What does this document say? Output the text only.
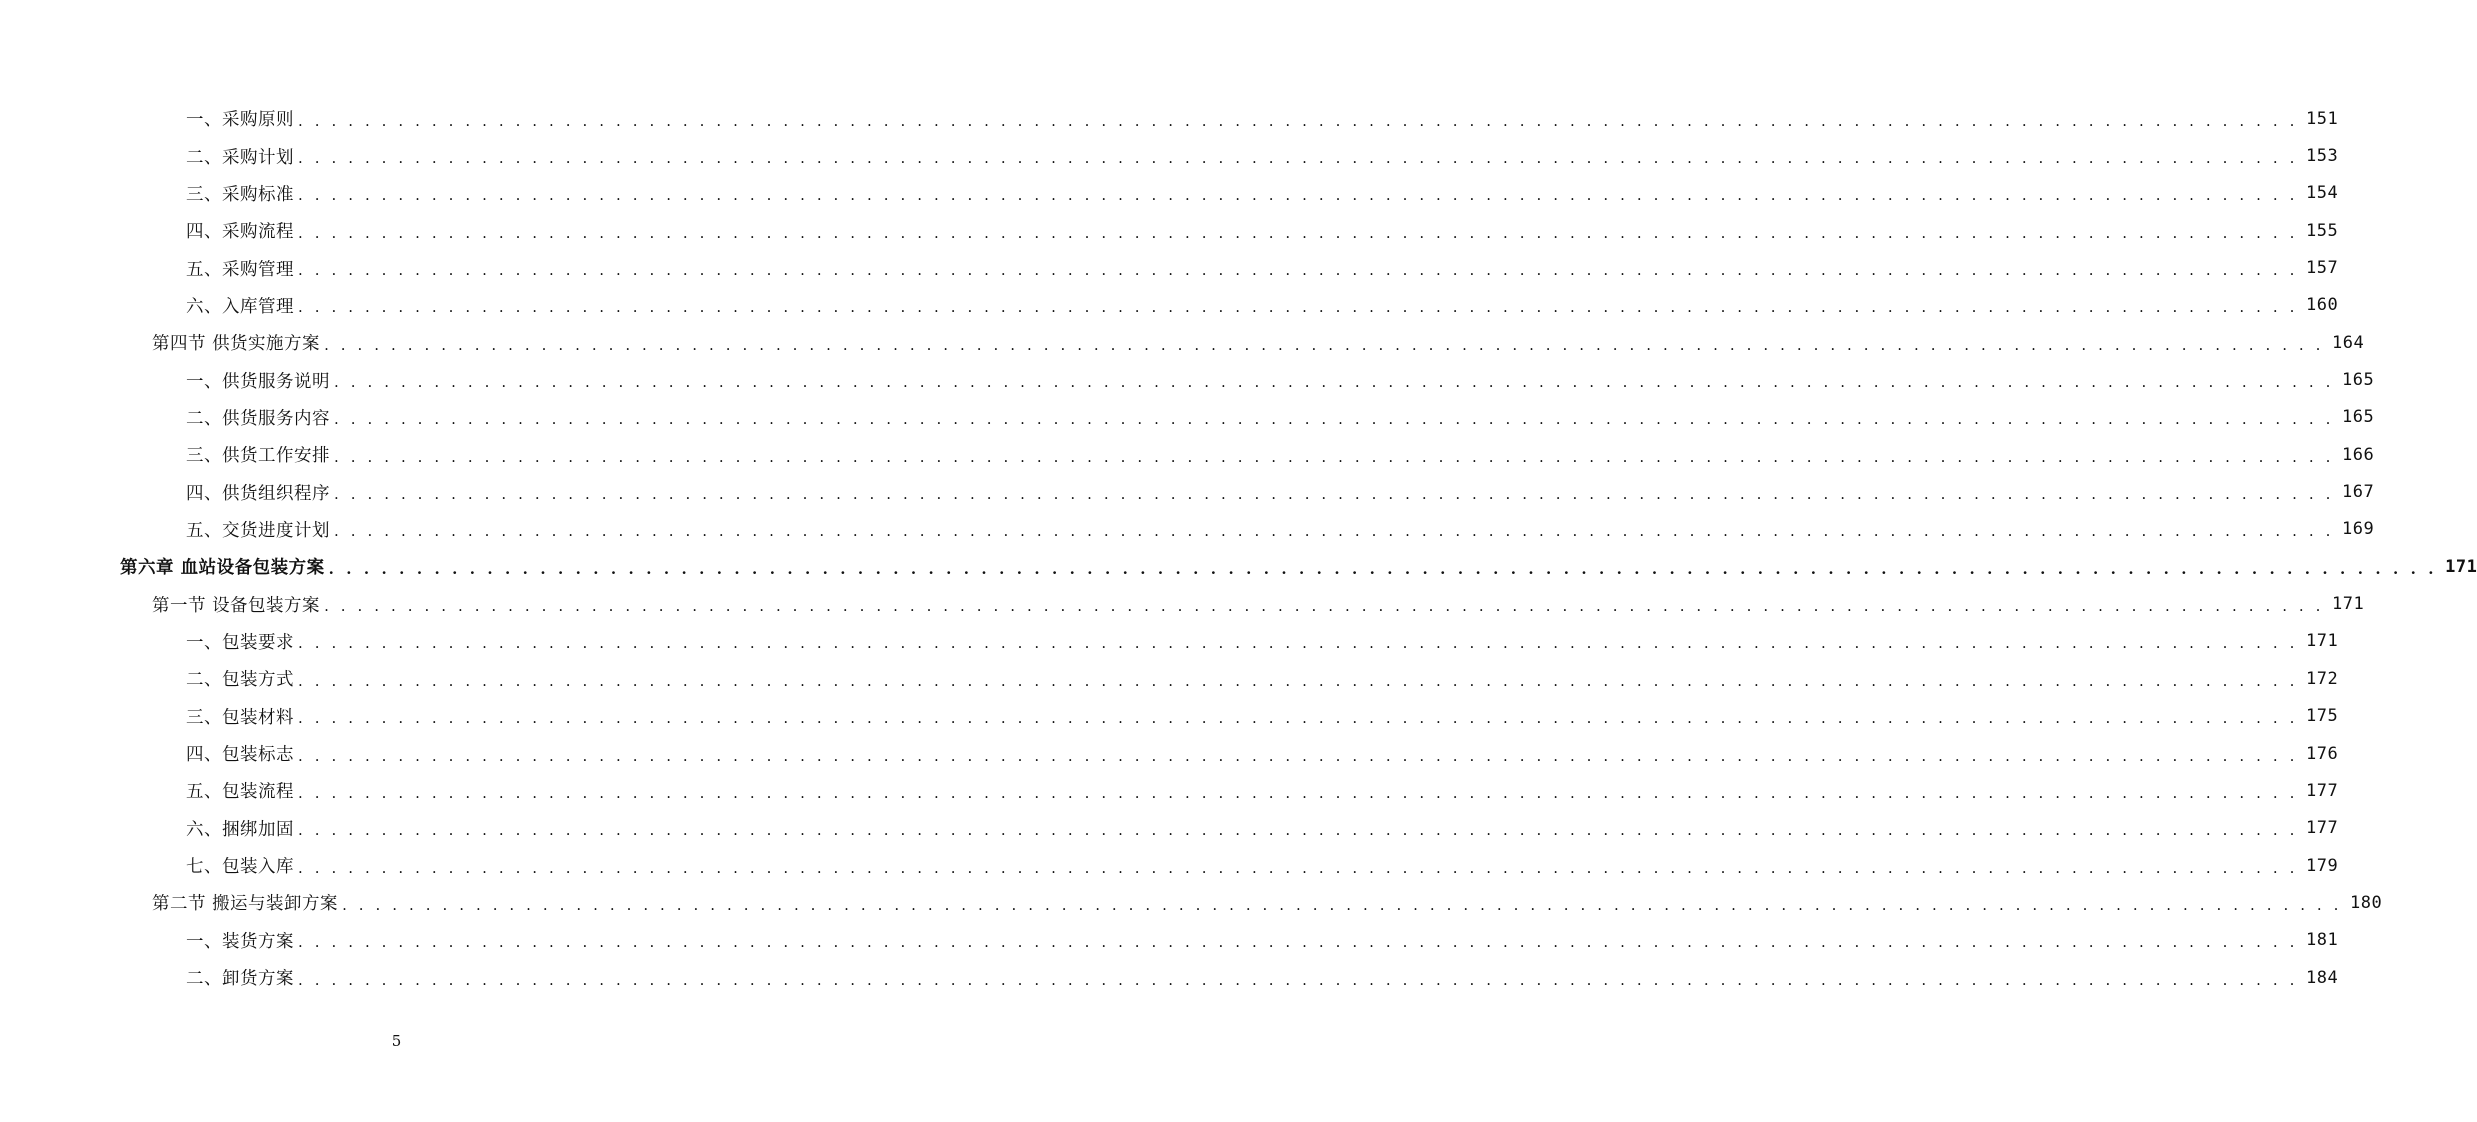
一、采购原则 . . . . . . . . . . . . . . . . . . . . . . . . . . . . . . . . . . . . . . . . . . . . . . . . . . . . . . . . . . . . . . . . . . . . . . . . . . . . . . . . . . . . . . . . . . . . . . . . . . . . . . . . . . . . . . . . . . . . . . . . 151
二、采购计划 . . . . . . . . . . . . . . . . . . . . . . . . . . . . . . . . . . . . . . . . . . . . . . . . . . . . . . . . . . . . . . . . . . . . . . . . . . . . . . . . . . . . . . . . . . . . . . . . . . . . . . . . . . . . . . . . . . . . . . . . 153
三、采购标准 . . . . . . . . . . . . . . . . . . . . . . . . . . . . . . . . . . . . . . . . . . . . . . . . . . . . . . . . . . . . . . . . . . . . . . . . . . . . . . . . . . . . . . . . . . . . . . . . . . . . . . . . . . . . . . . . . . . . . . . . 154
四、采购流程 . . . . . . . . . . . . . . . . . . . . . . . . . . . . . . . . . . . . . . . . . . . . . . . . . . . . . . . . . . . . . . . . . . . . . . . . . . . . . . . . . . . . . . . . . . . . . . . . . . . . . . . . . . . . . . . . . . . . . . . . 155
五、采购管理 . . . . . . . . . . . . . . . . . . . . . . . . . . . . . . . . . . . . . . . . . . . . . . . . . . . . . . . . . . . . . . . . . . . . . . . . . . . . . . . . . . . . . . . . . . . . . . . . . . . . . . . . . . . . . . . . . . . . . . . . 157
六、入库管理 . . . . . . . . . . . . . . . . . . . . . . . . . . . . . . . . . . . . . . . . . . . . . . . . . . . . . . . . . . . . . . . . . . . . . . . . . . . . . . . . . . . . . . . . . . . . . . . . . . . . . . . . . . . . . . . . . . . . . . . . 160
第四节 供货实施方案 . . . . . . . . . . . . . . . . . . . . . . . . . . . . . . . . . . . . . . . . . . . . . . . . . . . . . . . . . . . . . . . . . . . . . . . . . . . . . . . . . . . . . . . . . . . . . . . . . . . . . . . . . . . . . . . . . . . . . . . . 164
一、供货服务说明 . . . . . . . . . . . . . . . . . . . . . . . . . . . . . . . . . . . . . . . . . . . . . . . . . . . . . . . . . . . . . . . . . . . . . . . . . . . . . . . . . . . . . . . . . . . . . . . . . . . . . . . . . . . . . . . . . . . . . . . . 165
二、供货服务内容 . . . . . . . . . . . . . . . . . . . . . . . . . . . . . . . . . . . . . . . . . . . . . . . . . . . . . . . . . . . . . . . . . . . . . . . . . . . . . . . . . . . . . . . . . . . . . . . . . . . . . . . . . . . . . . . . . . . . . . . . 165
三、供货工作安排 . . . . . . . . . . . . . . . . . . . . . . . . . . . . . . . . . . . . . . . . . . . . . . . . . . . . . . . . . . . . . . . . . . . . . . . . . . . . . . . . . . . . . . . . . . . . . . . . . . . . . . . . . . . . . . . . . . . . . . . . 166
四、供货组织程序 . . . . . . . . . . . . . . . . . . . . . . . . . . . . . . . . . . . . . . . . . . . . . . . . . . . . . . . . . . . . . . . . . . . . . . . . . . . . . . . . . . . . . . . . . . . . . . . . . . . . . . . . . . . . . . . . . . . . . . . . 167
五、交货进度计划 . . . . . . . . . . . . . . . . . . . . . . . . . . . . . . . . . . . . . . . . . . . . . . . . . . . . . . . . . . . . . . . . . . . . . . . . . . . . . . . . . . . . . . . . . . . . . . . . . . . . . . . . . . . . . . . . . . . . . . . . 169
第六章 血站设备包装方案 . . . . . . . . . . . . . . . . . . . . . . . . . . . . . . . . . . . . . . . . . . . . . . . . . . . . . . . . . . . . . . . . . . . . . . . . . . . . . . . . . . . . . . . . . . . . . . . . . . . . . . . . . . . . . . . . . . . . . . . . 171
第一节 设备包装方案 . . . . . . . . . . . . . . . . . . . . . . . . . . . . . . . . . . . . . . . . . . . . . . . . . . . . . . . . . . . . . . . . . . . . . . . . . . . . . . . . . . . . . . . . . . . . . . . . . . . . . . . . . . . . . . . . . . . . . . . . 171
一、包装要求 . . . . . . . . . . . . . . . . . . . . . . . . . . . . . . . . . . . . . . . . . . . . . . . . . . . . . . . . . . . . . . . . . . . . . . . . . . . . . . . . . . . . . . . . . . . . . . . . . . . . . . . . . . . . . . . . . . . . . . . . 171
二、包装方式 . . . . . . . . . . . . . . . . . . . . . . . . . . . . . . . . . . . . . . . . . . . . . . . . . . . . . . . . . . . . . . . . . . . . . . . . . . . . . . . . . . . . . . . . . . . . . . . . . . . . . . . . . . . . . . . . . . . . . . . . 172
三、包装材料 . . . . . . . . . . . . . . . . . . . . . . . . . . . . . . . . . . . . . . . . . . . . . . . . . . . . . . . . . . . . . . . . . . . . . . . . . . . . . . . . . . . . . . . . . . . . . . . . . . . . . . . . . . . . . . . . . . . . . . . . 175
四、包装标志 . . . . . . . . . . . . . . . . . . . . . . . . . . . . . . . . . . . . . . . . . . . . . . . . . . . . . . . . . . . . . . . . . . . . . . . . . . . . . . . . . . . . . . . . . . . . . . . . . . . . . . . . . . . . . . . . . . . . . . . . 176
五、包装流程 . . . . . . . . . . . . . . . . . . . . . . . . . . . . . . . . . . . . . . . . . . . . . . . . . . . . . . . . . . . . . . . . . . . . . . . . . . . . . . . . . . . . . . . . . . . . . . . . . . . . . . . . . . . . . . . . . . . . . . . . 177
六、捆绑加固 . . . . . . . . . . . . . . . . . . . . . . . . . . . . . . . . . . . . . . . . . . . . . . . . . . . . . . . . . . . . . . . . . . . . . . . . . . . . . . . . . . . . . . . . . . . . . . . . . . . . . . . . . . . . . . . . . . . . . . . . 177
七、包装入库 . . . . . . . . . . . . . . . . . . . . . . . . . . . . . . . . . . . . . . . . . . . . . . . . . . . . . . . . . . . . . . . . . . . . . . . . . . . . . . . . . . . . . . . . . . . . . . . . . . . . . . . . . . . . . . . . . . . . . . . . 179
第二节 搬运与装卸方案 . . . . . . . . . . . . . . . . . . . . . . . . . . . . . . . . . . . . . . . . . . . . . . . . . . . . . . . . . . . . . . . . . . . . . . . . . . . . . . . . . . . . . . . . . . . . . . . . . . . . . . . . . . . . . . . . . . . . . . . . 180
一、装货方案 . . . . . . . . . . . . . . . . . . . . . . . . . . . . . . . . . . . . . . . . . . . . . . . . . . . . . . . . . . . . . . . . . . . . . . . . . . . . . . . . . . . . . . . . . . . . . . . . . . . . . . . . . . . . . . . . . . . . . . . . 181
二、卸货方案 . . . . . . . . . . . . . . . . . . . . . . . . . . . . . . . . . . . . . . . . . . . . . . . . . . . . . . . . . . . . . . . . . . . . . . . . . . . . . . . . . . . . . . . . . . . . . . . . . . . . . . . . . . . . . . . . . . . . . . . . 184
5
